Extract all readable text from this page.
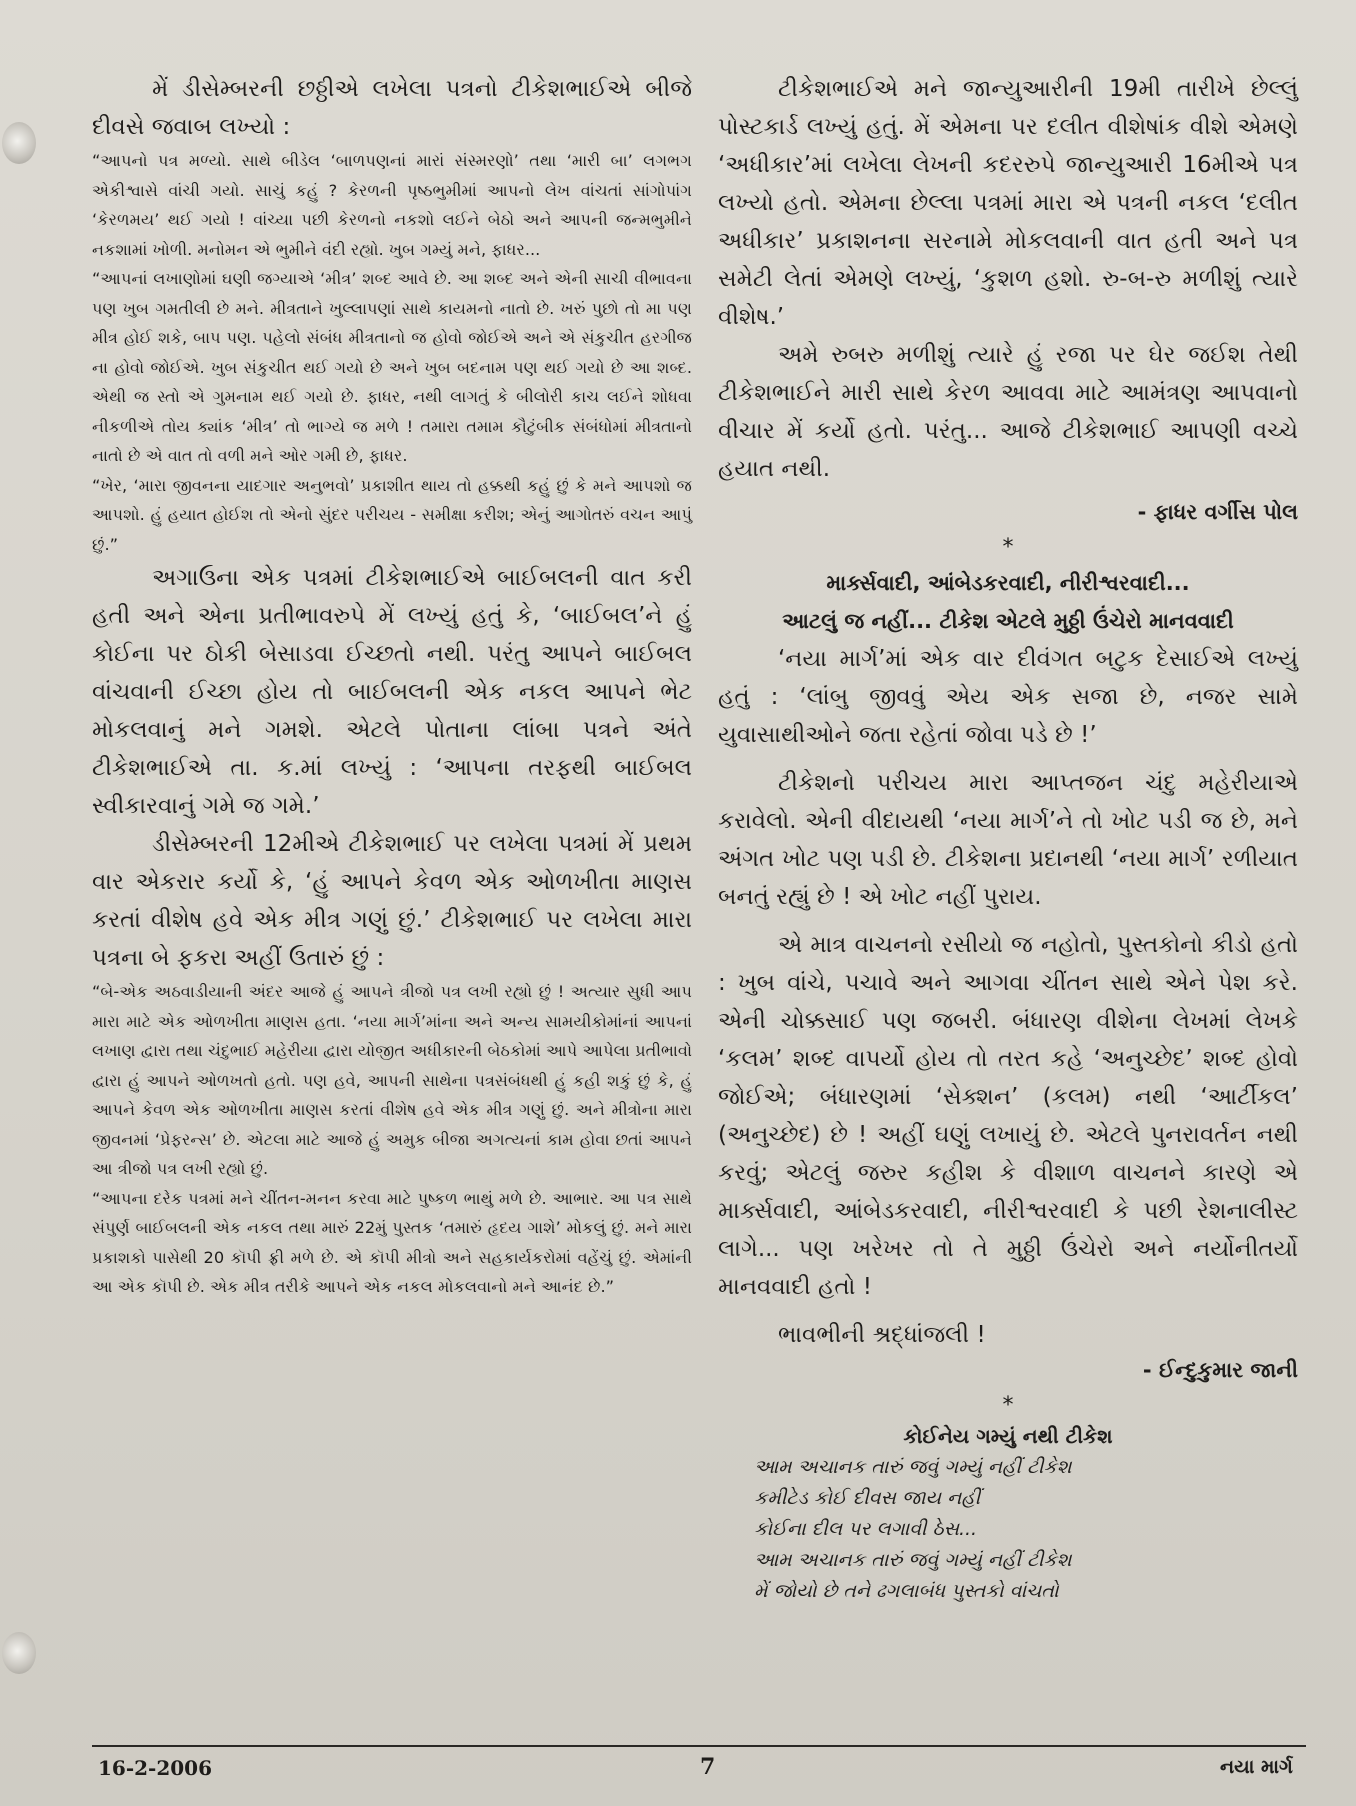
મેં ડીસેમ્બરની છઠ્ઠીએ લખેલા પત્રનો ટીકેશભાઈએ બીજે દીવસે જવાબ લખ્યો :

“આપનો પત્ર મળ્યો. સાથે બીડેલ ‘બાળપણનાં મારાં સંસ્મરણો’ તથા ‘મારી બા’ લગભગ એકીશ્વાસે વાંચી ગયો. સાચું કહું ? કેરળની પૃષ્ઠભુમીમાં આપનો લેખ વાંચતાં સાંગોપાંગ ‘કેરળમય’ થઈ ગયો ! વાંચ્યા પછી કેરળનો નકશો લઈને બેઠો અને આપની જન્મભુમીને નકશામાં ખોળી. મનોમન એ ભુમીને વંદી રહ્યો. ખુબ ગમ્યું મને, ફાધર...

“આપનાં લખાણોમાં ઘણી જગ્યાએ ‘મીત્ર’ શબ્દ આવે છે. આ શબ્દ અને એની સાચી વીભાવના પણ ખુબ ગમતીલી છે મને. મીત્રતાને ખુલ્લાપણાં સાથે કાયમનો નાતો છે. ખરું પુછો તો મા પણ મીત્ર હોઈ શકે, બાપ પણ. પહેલો સંબંધ મીત્રતાનો જ હોવો જોઈએ અને એ સંકુચીત હરગીજ ના હોવો જોઈએ. ખુબ સંકુચીત થઈ ગયો છે અને ખુબ બદનામ પણ થઈ ગયો છે આ શબ્દ. એથી જ સ્તો એ ગુમનામ થઈ ગયો છે. ફાધર, નથી લાગતું કે બીલોરી કાચ લઈને શોધવા નીકળીએ તોય ક્યાંક ‘મીત્ર’ તો ભાગ્યે જ મળે ! તમારા તમામ કૌટુંબીક સંબંધોમાં મીત્રતાનો નાતો છે એ વાત તો વળી મને ઓર ગમી છે, ફાધર.

“ખેર, ‘મારા જીવનના યાદગાર અનુભવો’ પ્રકાશીત થાય તો હક્કથી કહું છું કે મને આપશો જ આપશો. હું હયાત હોઈશ તો એનો સુંદર પરીચય - સમીક્ષા કરીશ; એનું આગોતરું વચન આપું છું.”

અગાઉના એક પત્રમાં ટીકેશભાઈએ બાઈબલની વાત કરી હતી અને એના પ્રતીભાવરુપે મેં લખ્યું હતું કે, ‘બાઈબલ’ને હું કોઈના પર ઠોકી બેસાડવા ઈચ્છતો નથી. પરંતુ આપને બાઈબલ વાંચવાની ઈચ્છા હોય તો બાઈબલની એક નકલ આપને ભેટ મોકલવાનું મને ગમશે. એટલે પોતાના લાંબા પત્રને અંતે ટીકેશભાઈએ તા. ક.માં લખ્યું : ‘આપના તરફથી બાઈબલ સ્વીકારવાનું ગમે જ ગમે.’

ડીસેમ્બરની 12મીએ ટીકેશભાઈ પર લખેલા પત્રમાં મેં પ્રથમ વાર એકરાર કર્યો કે, ‘હું આપને કેવળ એક ઓળખીતા માણસ કરતાં વીશેષ હવે એક મીત્ર ગણું છું.’ ટીકેશભાઈ પર લખેલા મારા પત્રના બે ફકરા અહીં ઉતારું છું :

“બે-એક અઠવાડીયાની અંદર આજે હું આપને ત્રીજો પત્ર લખી રહ્યો છું ! અત્યાર સુધી આપ મારા માટે એક ઓળખીતા માણસ હતા. ‘નયા માર્ગ’માંના અને અન્ય સામયીકોમાંનાં આપનાં લખાણ દ્વારા તથા ચંદુભાઈ મહેરીયા દ્વારા યોજીત અધીકારની બેઠકોમાં આપે આપેલા પ્રતીભાવો દ્વારા હું આપને ઓળખતો હતો. પણ હવે, આપની સાથેના પત્રસંબંધથી હું કહી શકું છું કે, હું આપને કેવળ એક ઓળખીતા માણસ કરતાં વીશેષ હવે એક મીત્ર ગણું છું. અને મીત્રોના મારા જીવનમાં ‘પ્રેફરન્સ’ છે. એટલા માટે આજે હું અમુક બીજા અગત્યનાં કામ હોવા છતાં આપને આ ત્રીજો પત્ર લખી રહ્યો છું.

“આપના દરેક પત્રમાં મને ચીંતન-મનન કરવા માટે પુષ્કળ ભાથું મળે છે. આભાર. આ પત્ર સાથે સંપુર્ણ બાઈબલની એક નકલ તથા મારું 22મું પુસ્તક ‘તમારું હૃદય ગાશે’ મોકલું છું. મને મારા પ્રકાશકો પાસેથી 20 કૉપી ફ્રી મળે છે. એ કૉપી મીત્રો અને સહકાર્યકરોમાં વહેંચું છું. એમાંની આ એક કૉપી છે. એક મીત્ર તરીકે આપને એક નકલ મોકલવાનો મને આનંદ છે.”

ટીકેશભાઈએ મને જાન્યુઆરીની 19મી તારીખે છેલ્લું પોસ્ટકાર્ડ લખ્યું હતું. મેં એમના પર દલીત વીશેષાંક વીશે એમણે ‘અધીકાર’માં લખેલા લેખની કદરરુપે જાન્યુઆરી 16મીએ પત્ર લખ્યો હતો. એમના છેલ્લા પત્રમાં મારા એ પત્રની નકલ ‘દલીત અધીકાર’ પ્રકાશનના સરનામે મોકલવાની વાત હતી અને પત્ર સમેટી લેતાં એમણે લખ્યું, ‘કુશળ હશો. રુ-બ-રુ મળીશું ત્યારે વીશેષ.’

અમે રુબરુ મળીશું ત્યારે હું રજા પર ઘેર જઈશ તેથી ટીકેશભાઈને મારી સાથે કેરળ આવવા માટે આમંત્રણ આપવાનો વીચાર મેં કર્યો હતો. પરંતુ... આજે ટીકેશભાઈ આપણી વચ્ચે હયાત નથી.

- ફાધર વર્ગીસ પોલ

*

માર્ક્સવાદી, આંબેડકરવાદી, નીરીશ્વરવાદી...

આટલું જ નહીં... ટીકેશ એટલે મુઠ્ઠી ઉંચેરો માનવવાદી

‘નયા માર્ગ’માં એક વાર દીવંગત બટુક દેસાઈએ લખ્યું હતું : ‘લાંબુ જીવવું એય એક સજા છે, નજર સામે યુવાસાથીઓને જતા રહેતાં જોવા પડે છે !’

ટીકેશનો પરીચય મારા આપ્તજન ચંદુ મહેરીયાએ કરાવેલો. એની વીદાયથી ‘નયા માર્ગ’ને તો ખોટ પડી જ છે, મને અંગત ખોટ પણ પડી છે. ટીકેશના પ્રદાનથી ‘નયા માર્ગ’ રળીયાત બનતું રહ્યું છે ! એ ખોટ નહીં પુરાય.

એ માત્ર વાચનનો રસીયો જ નહોતો, પુસ્તકોનો કીડો હતો : ખુબ વાંચે, પચાવે અને આગવા ચીંતન સાથે એને પેશ કરે. એની ચોક્કસાઈ પણ જબરી. બંધારણ વીશેના લેખમાં લેખકે ‘કલમ’ શબ્દ વાપર્યો હોય તો તરત કહે ‘અનુચ્છેદ’ શબ્દ હોવો જોઈએ; બંધારણમાં ‘સેક્શન’ (કલમ) નથી ‘આર્ટીકલ’ (અનુચ્છેદ) છે ! અહીં ઘણું લખાયું છે. એટલે પુનરાવર્તન નથી કરવું; એટલું જરુર કહીશ કે વીશાળ વાચનને કારણે એ માર્ક્સવાદી, આંબેડકરવાદી, નીરીશ્વરવાદી કે પછી રેશનાલીસ્ટ લાગે... પણ ખરેખર તો તે મુઠ્ઠી ઉંચેરો અને નર્યોનીતર્યો માનવવાદી હતો !

ભાવભીની શ્રદ્ધાંજલી !

- ઈન્દુકુમાર જાની

*

કોઈનેય ગમ્યું નથી ટીકેશ

આમ અચાનક તારું જવું ગમ્યું નહીં ટીકેશ
કમીટેડ કોઈ દીવસ જાય નહીં
કોઈના દીલ પર લગાવી ઠેસ...
આમ અચાનક તારું જવું ગમ્યું નહીં ટીકેશ
મેં જોયો છે તને ઢગલાબંધ પુસ્તકો વાંચતો
16-2-2006	7	નયા માર્ગ
